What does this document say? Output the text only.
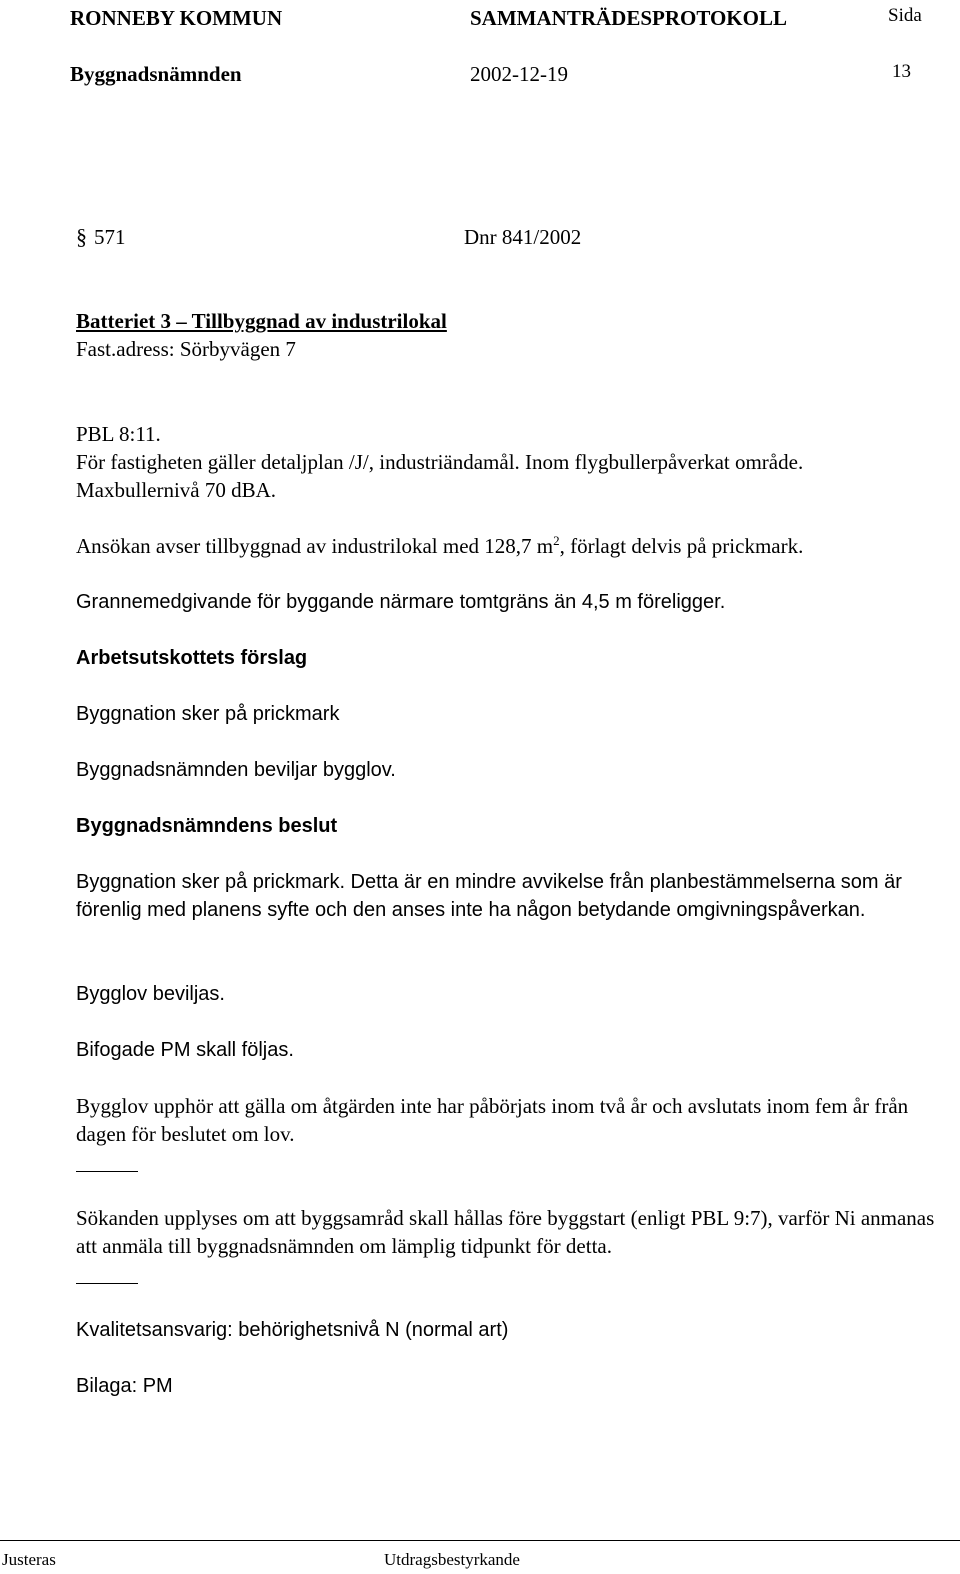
RONNEBY KOMMUN	SAMMANTRÄDESPROTOKOLL	Sida
Byggnadsnämnden	2002-12-19	13
§ 571	Dnr 841/2002
Batteriet 3 – Tillbyggnad av industrilokal
Fast.adress: Sörbyvägen 7
PBL 8:11.
För fastigheten gäller detaljplan /J/, industriändamål. Inom flygbullerpåverkat område.
Maxbullernivå 70 dBA.
Ansökan avser tillbyggnad av industrilokal med 128,7 $m^2$, förlagt delvis på prickmark.
Grannemedgivande för byggande närmare tomtgräns än 4,5 m föreligger.
Arbetsutskottets förslag
Byggnation sker på prickmark
Byggnadsnämnden beviljar bygglov.
Byggnadsnämndens beslut
Byggnation sker på prickmark. Detta är en mindre avvikelse från planbestämmelserna som är förenlig med planens syfte och den anses inte ha någon betydande omgivningspåverkan.
Bygglov beviljas.
Bifogade PM skall följas.
Bygglov upphör att gälla om åtgärden inte har påbörjats inom två år och avslutats inom fem år från dagen för beslutet om lov.
Sökanden upplyses om att byggsamråd skall hållas före byggstart (enligt PBL 9:7), varför Ni anmanas att anmäla till byggnadsnämnden om lämplig tidpunkt för detta.
Kvalitetsansvarig: behörighetsnivå N (normal art)
Bilaga: PM
Justeras	Utdragsbestyrkande
